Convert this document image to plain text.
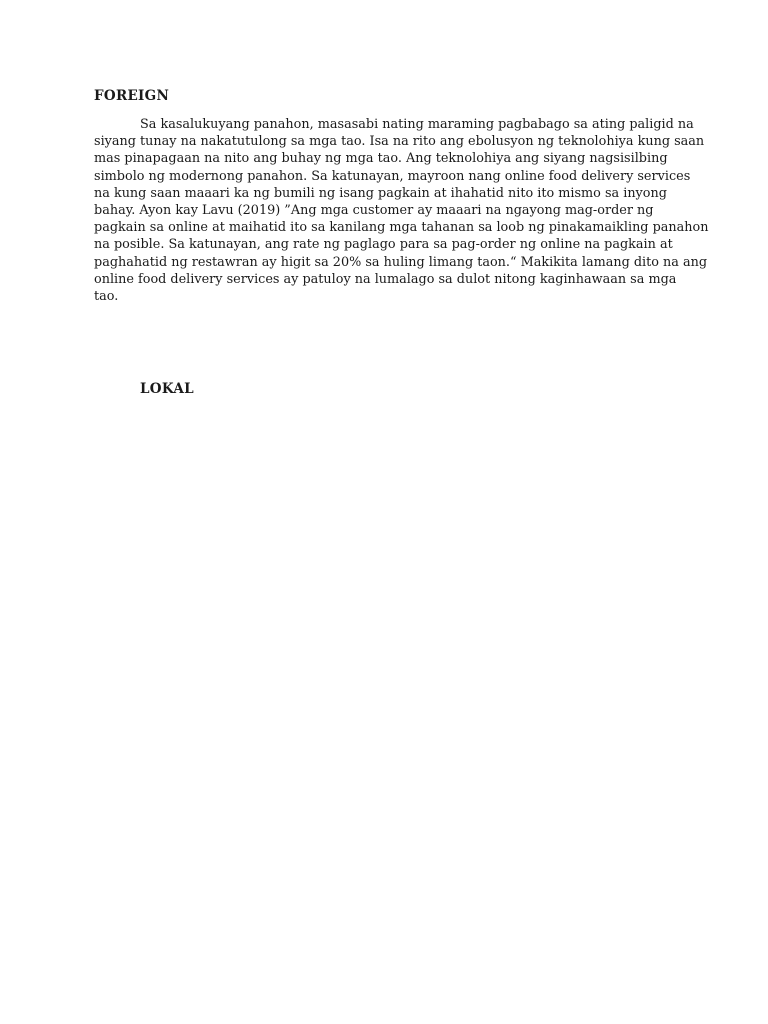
FOREIGN

Sa kasalukuyang panahon, masasabi nating maraming pagbabago sa ating paligid na
siyang tunay na nakatutulong sa mga tao. Isa na rito ang ebolusyon ng teknolohiya kung saan
mas pinapagaan na nito ang buhay ng mga tao. Ang teknolohiya ang siyang nagsisilbing
simbolo ng modernong panahon. Sa katunayan, mayroon nang online food delivery services
na kung saan maaari ka ng bumili ng isang pagkain at ihahatid nito ito mismo sa inyong
bahay. Ayon kay Lavu (2019) ”Ang mga customer ay maaari na ngayong mag-order ng
pagkain sa online at maihatid ito sa kanilang mga tahanan sa loob ng pinakamaikling panahon
na posible. Sa katunayan, ang rate ng paglago para sa pag-order ng online na pagkain at
paghahatid ng restawran ay higit sa 20% sa huling limang taon.“ Makikita lamang dito na ang
online food delivery services ay patuloy na lumalago sa dulot nitong kaginhawaan sa mga
tao.

LOKAL
